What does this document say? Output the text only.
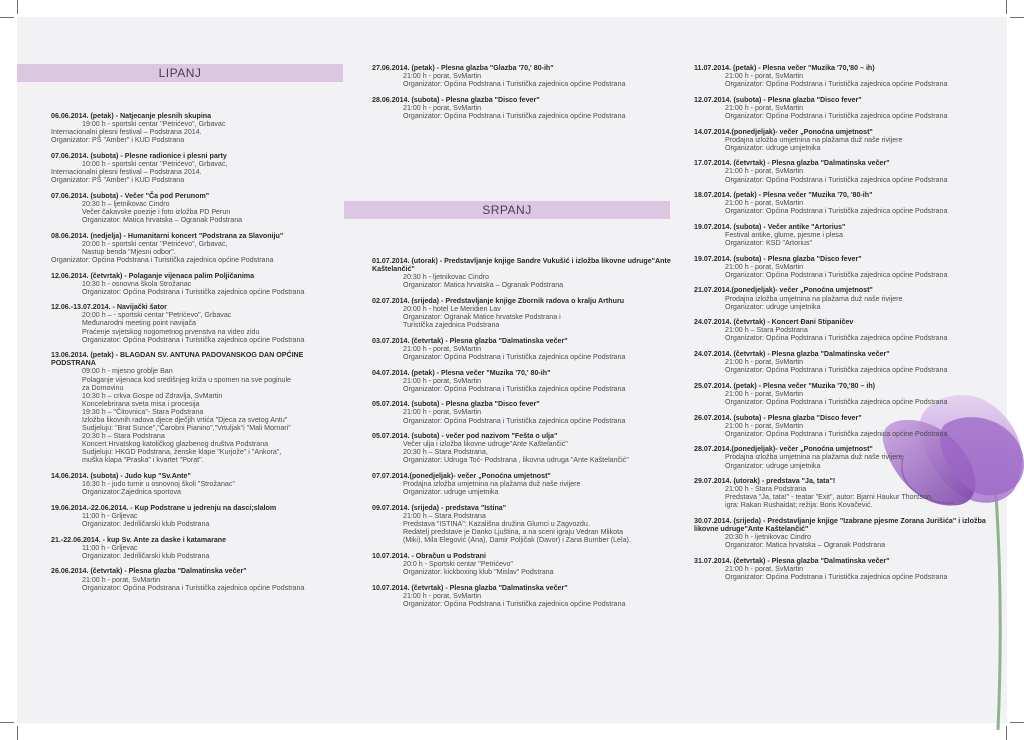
LIPANJ
SRPANJ
06.06.2014. (petak) - Natjecanje plesnih skupina
19:00 h - sportski centar "Petrićevo", Grbavac
Internacionalni plesni festival – Podstrana 2014.
Organizator: PŠ "Amber" i KUD Podstrana
07.06.2014. (subota) - Plesne radionice i plesni party
10:00 h - sportski centar "Petrićevo", Grbavac,
Internacionalni plesni festival – Podstrana 2014.
Organizator: PŠ "Amber" i KUD Podstrana
07.06.2014. (subota) - Večer "Ča pod Perunom"
20:30 h – ljetnikovac Cindro
Večer čakavske poezije i foto izložba PD Perun
Organizator: Matica hrvatska – Ogranak Podstrana
08.06.2014. (nedjelja) - Humanitarni koncert "Podstrana za Slavoniju"
20:00 h - sportski centar "Petrićevo", Grbavac,
Nastup benda "Mjesni odbor".
Organizator: Općina Podstrana i Turistička zajednica općine Podstrana
12.06.2014. (četvrtak) - Polaganje vijenaca palim Poljičanima
10:30 h - osnovna škola Strožanac
Organizator: Općina Podstrana i Turistička zajednica općine Podstrana
12.06.-13.07.2014. - Navijački šator
20:00 h – - sportski centar "Petrićevo", Grbavac
Međunarodni meeting point navijača
Praćenje svjetskog nogometnog prvenstva na video zidu
Organizator: Općina Podstrana i Turistička zajednica općine Podstrana
13.06.2014. (petak) - BLAGDAN SV. ANTUNA PADOVANSKOG DAN OPĆINE PODSTRANA
09:00 h - mjesno groblje Ban
Polaganje vijenaca kod središnjeg križa u spomen na sve poginule
za Domovinu
10:30 h – crkva Gospe od Zdravlja, SvMartin
Koncelebrirana sveta misa i procesija
19:30 h – "Čitovnica"- Stara Podstrana
Izložba likovnih radova djece dječjih vrtića "Djeca za svetog Antu"
Sudjeluju: "Brat Sunce","Čarobni Pianino","Vrtuljak"i "Mali Mornari"
20:30 h – Stara Podstrana
Koncert Hrvatskog katoličkog glazbenog društva Podstrana
Sudjeluju: HKGD Podstrana, ženske klape "Kurjože" i "Ankora",
muška klapa "Praska" i kvartet "Porat".
14.06.2014. (subota) - Judo kup "Sv.Ante"
16:30 h - judo turnir u osnovnoj školi "Strožanac"
Organizator:Zajednica sportova
19.06.2014.-22.06.2014. - Kup Podstrane u jedrenju na dasci;slalom
11:00 h - Grljevac
Organizator: Jedriličarski klub Podstrana
21.-22.06.2014. - kup Sv. Ante za daske i katamarane
11:00 h - Grljevac
Organizator: Jedriličarski klub Podstrana
26.06.2014. (četvrtak) - Plesna glazba "Dalmatinska večer"
21:00 h - porat, SvMartin
Organizator: Općina Podstrana i Turistička zajednica općine Podstrana
27.06.2014. (petak) - Plesna glazba "Glazba '70,' 80-ih"
21:00 h - porat, SvMartin
Organizator: Općina Podstrana i Turistička zajednica općine Podstrana
28.06.2014. (subota) - Plesna glazba "Disco fever"
21:00 h - porat, SvMartin
Organizator: Općina Podstrana i Turistička zajednica općine Podstrana
01.07.2014. (utorak) - Predstavljanje knjige Sandre Vukušić i izložba likovne udruge"Ante Kaštelančić"
20:30 h - ljetnikovac Cindro
Organizator: Matica hrvatska – Ogranak Podstrana
02.07.2014. (srijeda) - Predstavljanje knjige Zbornik radova o kralju Arthuru
20:00 h - hotel Le Meridien Lav
Organizator: Ogranak Matice hrvatske Podstrana i
Turistička zajednica Podstrana
03.07.2014. (četvrtak) - Plesna glazba "Dalmatinska večer"
21:00 h - porat, SvMartin
Organizator: Općina Podstrana i Turistička zajednica općine Podstrana
04.07.2014. (petak) - Plesna večer "Muzika '70,' 80-ih"
21:00 h - porat, SvMartin
Organizator: Općina Podstrana i Turistička zajednica općine Podstrana
05.07.2014. (subota) - Plesna glazba "Disco fever"
21:00 h - porat, SvMartin
Organizator: Općina Podstrana i Turistička zajednica općine Podstrana
05.07.2014. (subota) - večer pod nazivom "Fešta o ulja"
Večer ulja i izložba likovne udruge"Ante Kaštelančić"
20:30 h – Stara Podstrana,
Organizator: Udruga Toć- Podstrana , likovna udruga "Ante Kaštelančić"
07.07.2014.(ponedjeljak)- večer „Ponoćna umjetnost"
Prodajna izložba umjetnina na plažama duž naše rivijere
Organizator: udruge umjetnika
09.07.2014. (srijeda) - predstava "Istina"
21:00 h – Stara Podstrana
Predstava "ISTINA": Kazališna družina Glumci u Zagvozdu.
Redatelj predstave je Danko Ljuština, a na sceni igraju Vedran Mlikota
(Miki), Mila Elegović (Ana), Damir Poljičak (Davor) i Zana Bumber (Lela).
10.07.2014. - Obračun u Podstrani
20:0 h - Sportski centar "Petrićevo"
Organizator: kickboxing klub "Mislav" Podstrana
10.07.2014. (četvrtak) - Plesna glazba "Dalmatinska večer"
21:00 h - porat, SvMartin
Organizator: Općina Podstrana i Turistička zajednica općine Podstrana
11.07.2014. (petak) - Plesna večer "Muzika '70,'80 – ih)
21:00 h - porat, SvMartin
Organizator: Općina Podstrana i Turistička zajednica općine Podstrana
12.07.2014. (subota) - Plesna glazba "Disco fever"
21:00 h - porat, SvMartin
Organizator: Općina Podstrana i Turistička zajednica općine Podstrana
14.07.2014.(ponedjeljak)- večer „Ponoćna umjetnost"
Prodajna izložba umjetnina na plažama duž naše rivijere
Organizator: udruge umjetnika
17.07.2014. (četvrtak) - Plesna glazba "Dalmatinska večer"
21:00 h - porat, SvMartin
Organizator: Općina Podstrana i Turistička zajednica općine Podstrana
18.07.2014. (petak) - Plesna večer "Muzika '70, '80-ih"
21:00 h - porat, SvMartin
Organizator: Općina Podstrana i Turistička zajednica općine Podstrana
19.07.2014. (subota) - Večer antike "Artorius"
Festival antike, glume, pjesme i plesa
Organizator: KSD "Artorius"
19.07.2014. (subota) - Plesna glazba "Disco fever"
21:00 h - porat, SvMartin
Organizator: Općina Podstrana i Turistička zajednica općine Podstrana
21.07.2014.(ponedjeljak)- večer „Ponoćna umjetnost"
Prodajna izložba umjetnina na plažama duž naše rivijere
Organizator: udruge umjetnika
24.07.2014. (četvrtak) - Koncert Đani Stipaničev
21:00 h – Stara Podstrana
Organizator: Općina Podstrana i Turistička zajednica općine Podstrana
24.07.2014. (četvrtak) - Plesna glazba "Dalmatinska večer"
21:00 h - porat, SvMartin
Organizator: Općina Podstrana i Turistička zajednica općine Podstrana
25.07.2014. (petak) - Plesna večer "Muzika '70,'80 – ih)
21:00 h - porat, SvMartin
Organizator: Općina Podstrana i Turistička zajednica općine Podstrana
26.07.2014. (subota) - Plesna glazba "Disco fever"
21:00 h - porat, SvMartin
Organizator: Općina Podstrana i Turistička zajednica općine Podstrana
28.07.2014.(ponedjeljak)- večer „Ponoćna umjetnost"
Prodajna izložba umjetnina na plažama duž naše rivijere
Organizator: udruge umjetnika
29.07.2014. (utorak) - predstava "Ja, tata"!
21:00 h - Stara Podstrana
Predstava "Ja, tata!" - teatar "Exit", autor: Bjarni Haukur Thorsson,
igra: Rakan Rushaidat; režija: Boris Kovačević.
30.07.2014. (srijeda) - Predstavljanje knjige "Izabrane pjesme Zorana Jurišića" i izložba likovne udruge"Ante Kaštelančić"
20:30 h - ljetnikovac Cindro
Organizator: Matica hrvatska – Ogranak Podstrana
31.07.2014. (četvrtak) - Plesna glazba "Dalmatinska večer"
21:00 h - porat, SvMartin
Organizator: Općina Podstrana i Turistička zajednica općine Podstrana
